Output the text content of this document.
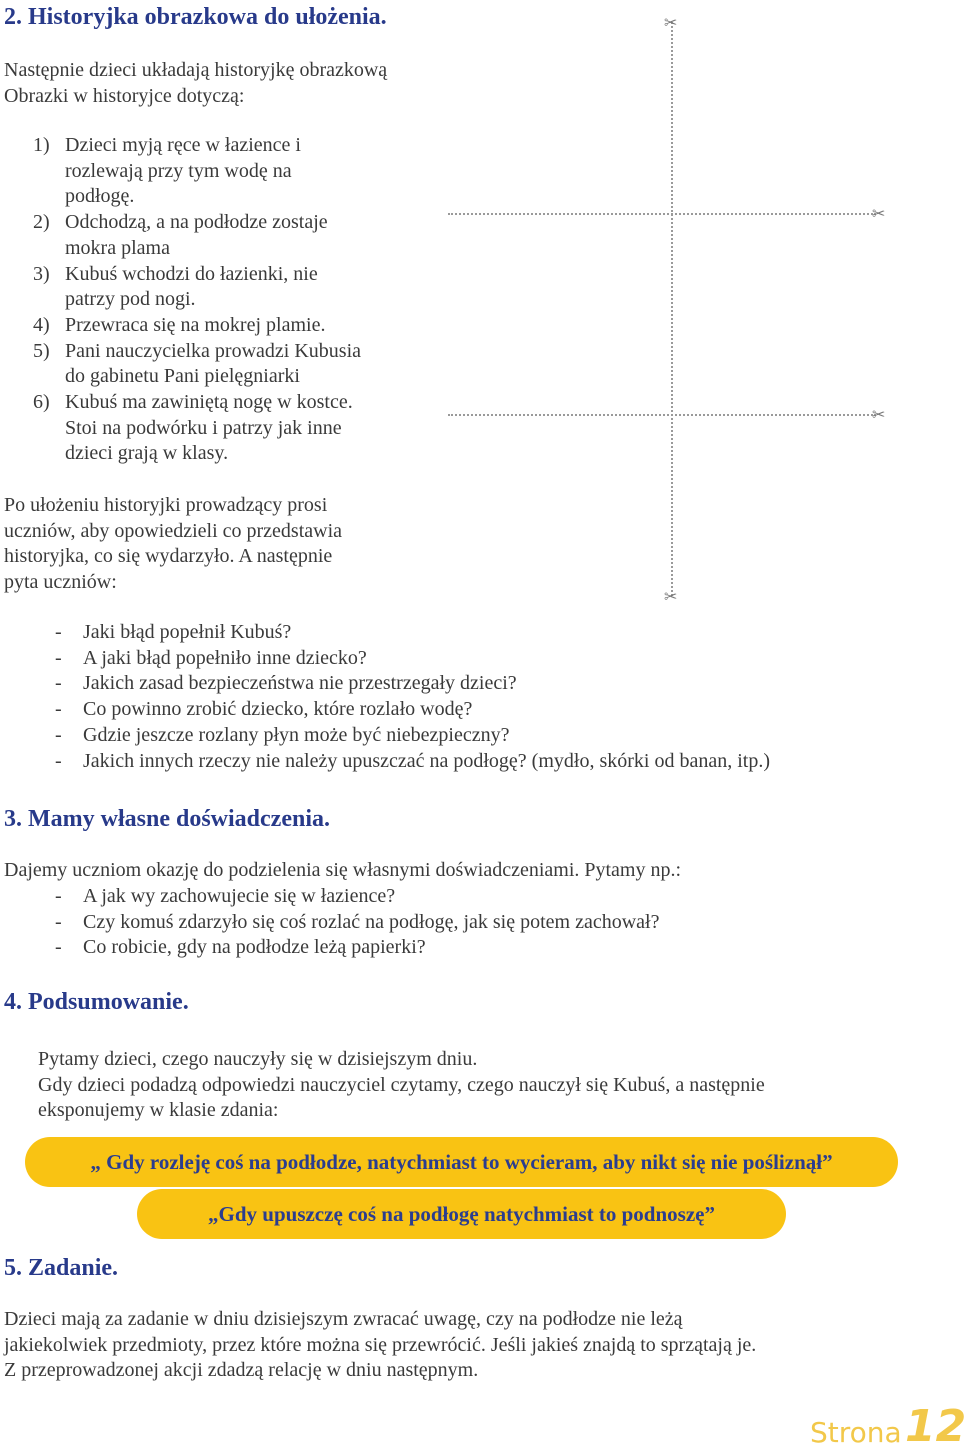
2. Historyjka obrazkowa do ułożenia.
Następnie dzieci układają historyjkę obrazkową
Obrazki w historyjce dotyczą:
1) Dzieci myją ręce w łazience i
rozlewają przy tym wodę na
podłogę.
2) Odchodzą, a na podłodze zostaje
mokra plama
3) Kubuś wchodzi do łazienki, nie
patrzy pod nogi.
4) Przewraca się na mokrej plamie.
5) Pani nauczycielka prowadzi Kubusia
do gabinetu Pani pielęgniarki
6) Kubuś ma zawiniętą nogę w kostce.
Stoi na podwórku i patrzy jak inne
dzieci grają w klasy.
Po ułożeniu historyjki prowadzący prosi
uczniów, aby opowiedzieli co przedstawia
historyjka, co się wydarzyło. A następnie
pyta uczniów:
- Jaki błąd popełnił Kubuś?
- A jaki błąd popełniło inne dziecko?
- Jakich zasad bezpieczeństwa nie przestrzegały dzieci?
- Co powinno zrobić dziecko, które rozlało wodę?
- Gdzie jeszcze rozlany płyn może być niebezpieczny?
- Jakich innych rzeczy nie należy upuszczać na podłogę? (mydło, skórki od banan, itp.)
✂
✂
✂
✂
3. Mamy własne doświadczenia.
Dajemy uczniom okazję do podzielenia się własnymi doświadczeniami. Pytamy np.:
- A jak wy zachowujecie się w łazience?
- Czy komuś zdarzyło się coś rozlać na podłogę, jak się potem zachował?
- Co robicie, gdy na podłodze leżą papierki?
4. Podsumowanie.
Pytamy dzieci, czego nauczyły się w dzisiejszym dniu.
Gdy dzieci podadzą odpowiedzi nauczyciel czytamy, czego nauczył się Kubuś, a następnie
eksponujemy w klasie zdania:
„ Gdy rozleję coś na podłodze, natychmiast to wycieram, aby nikt się nie pośliznął”
„Gdy upuszczę coś na podłogę natychmiast to podnoszę”
5. Zadanie.
Dzieci mają za zadanie w dniu dzisiejszym zwracać uwagę, czy na podłodze nie leżą
jakiekolwiek przedmioty, przez które można się przewrócić. Jeśli jakieś znajdą to sprzątają je.
Z przeprowadzonej akcji zdadzą relację w dniu następnym.
Strona 12
